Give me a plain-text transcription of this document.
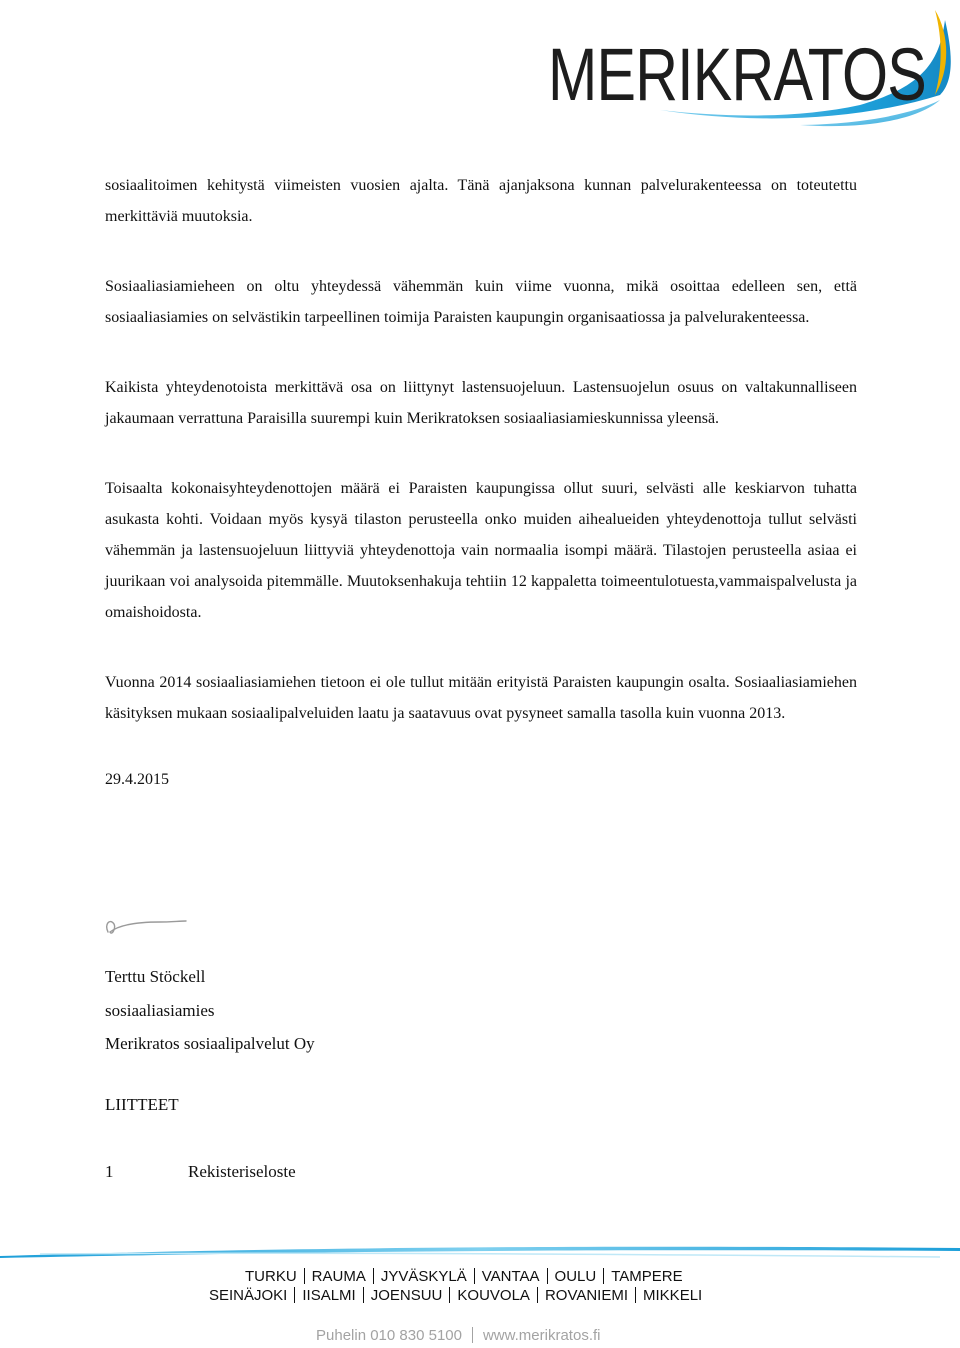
MERIKRATOS

sosiaalitoimen kehitystä viimeisten vuosien ajalta. Tänä ajanjaksona kunnan palvelurakenteessa on toteutettu merkittäviä muutoksia.

Sosiaaliasiamieheen on oltu yhteydessä vähemmän kuin viime vuonna, mikä osoittaa edelleen sen, että sosiaaliasiamies on selvästikin tarpeellinen toimija Paraisten kaupungin organisaatiossa ja palvelurakenteessa.

Kaikista yhteydenotoista merkittävä osa on liittynyt lastensuojeluun. Lastensuojelun osuus on valtakunnalliseen jakaumaan verrattuna Paraisilla suurempi kuin Merikratoksen sosiaaliasiamieskunnissa yleensä.

Toisaalta kokonaisyhteydenottojen määrä ei Paraisten kaupungissa ollut suuri, selvästi alle keskiarvon tuhatta asukasta kohti. Voidaan myös kysyä tilaston perusteella onko muiden aihealueiden yhteydenottoja tullut selvästi vähemmän ja lastensuojeluun liittyviä yhteydenottoja vain normaalia isompi määrä. Tilastojen perusteella asiaa ei juurikaan voi analysoida pitemmälle. Muutoksenhakuja tehtiin 12 kappaletta toimeentulotuesta,vammaispalvelusta ja omaishoidosta.

Vuonna 2014 sosiaaliasiamiehen tietoon ei ole tullut mitään erityistä Paraisten kaupungin osalta. Sosiaaliasiamiehen käsityksen mukaan sosiaalipalveluiden laatu ja saatavuus ovat pysyneet samalla tasolla kuin vuonna 2013.

29.4.2015

Terttu Stöckell
sosiaaliasiamies
Merikratos sosiaalipalvelut Oy
LIITTEET
1	Rekisteriseloste
TURKU RAUMA JYVÄSKYLÄ VANTAA OULU TAMPERE
SEINÄJOKI IISALMI JOENSUU KOUVOLA ROVANIEMI MIKKELI
Puhelin 010 830 5100 www.merikratos.fi
